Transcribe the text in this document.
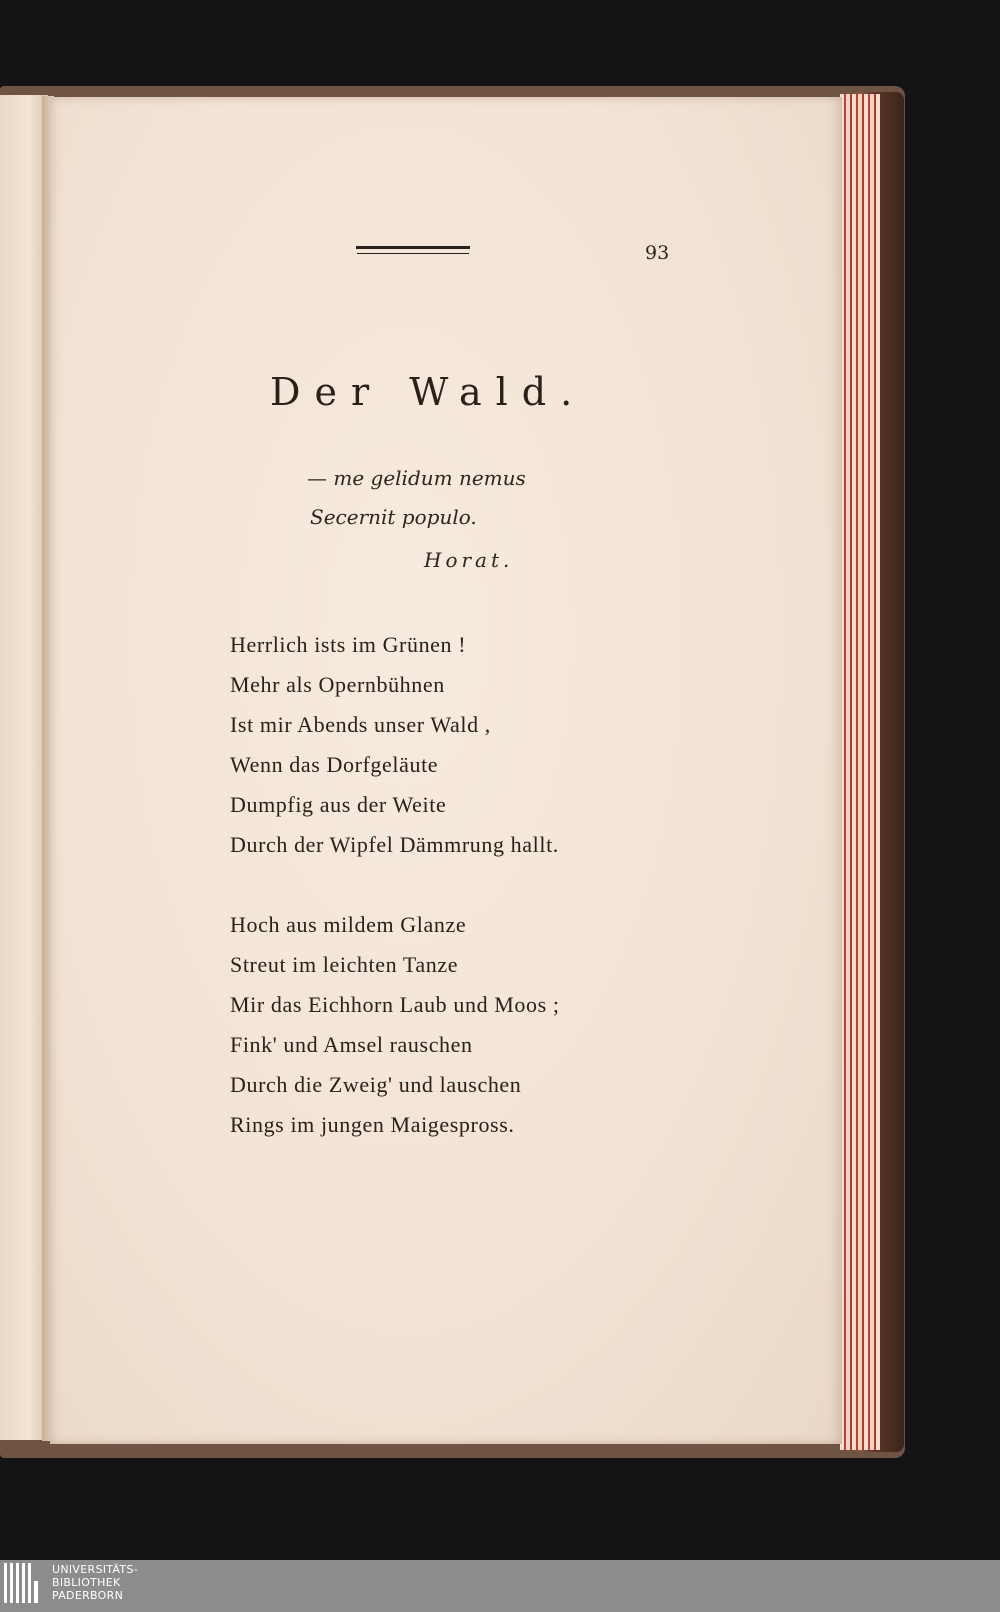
93
Der Wald.
— me gelidum nemus
Secernit populo.
Horat.
Herrlich ists im Grünen !
Mehr als Opernbühnen
Ist mir Abends unser Wald ,
Wenn das Dorfgeläute
Dumpfig aus der Weite
Durch der Wipfel Dämmrung hallt.
Hoch aus mildem Glanze
Streut im leichten Tanze
Mir das Eichhorn Laub und Moos ;
Fink' und Amsel rauschen
Durch die Zweig' und lauschen
Rings im jungen Maigespross.
UNIVERSITÄTS-
BIBLIOTHEK
PADERBORN
